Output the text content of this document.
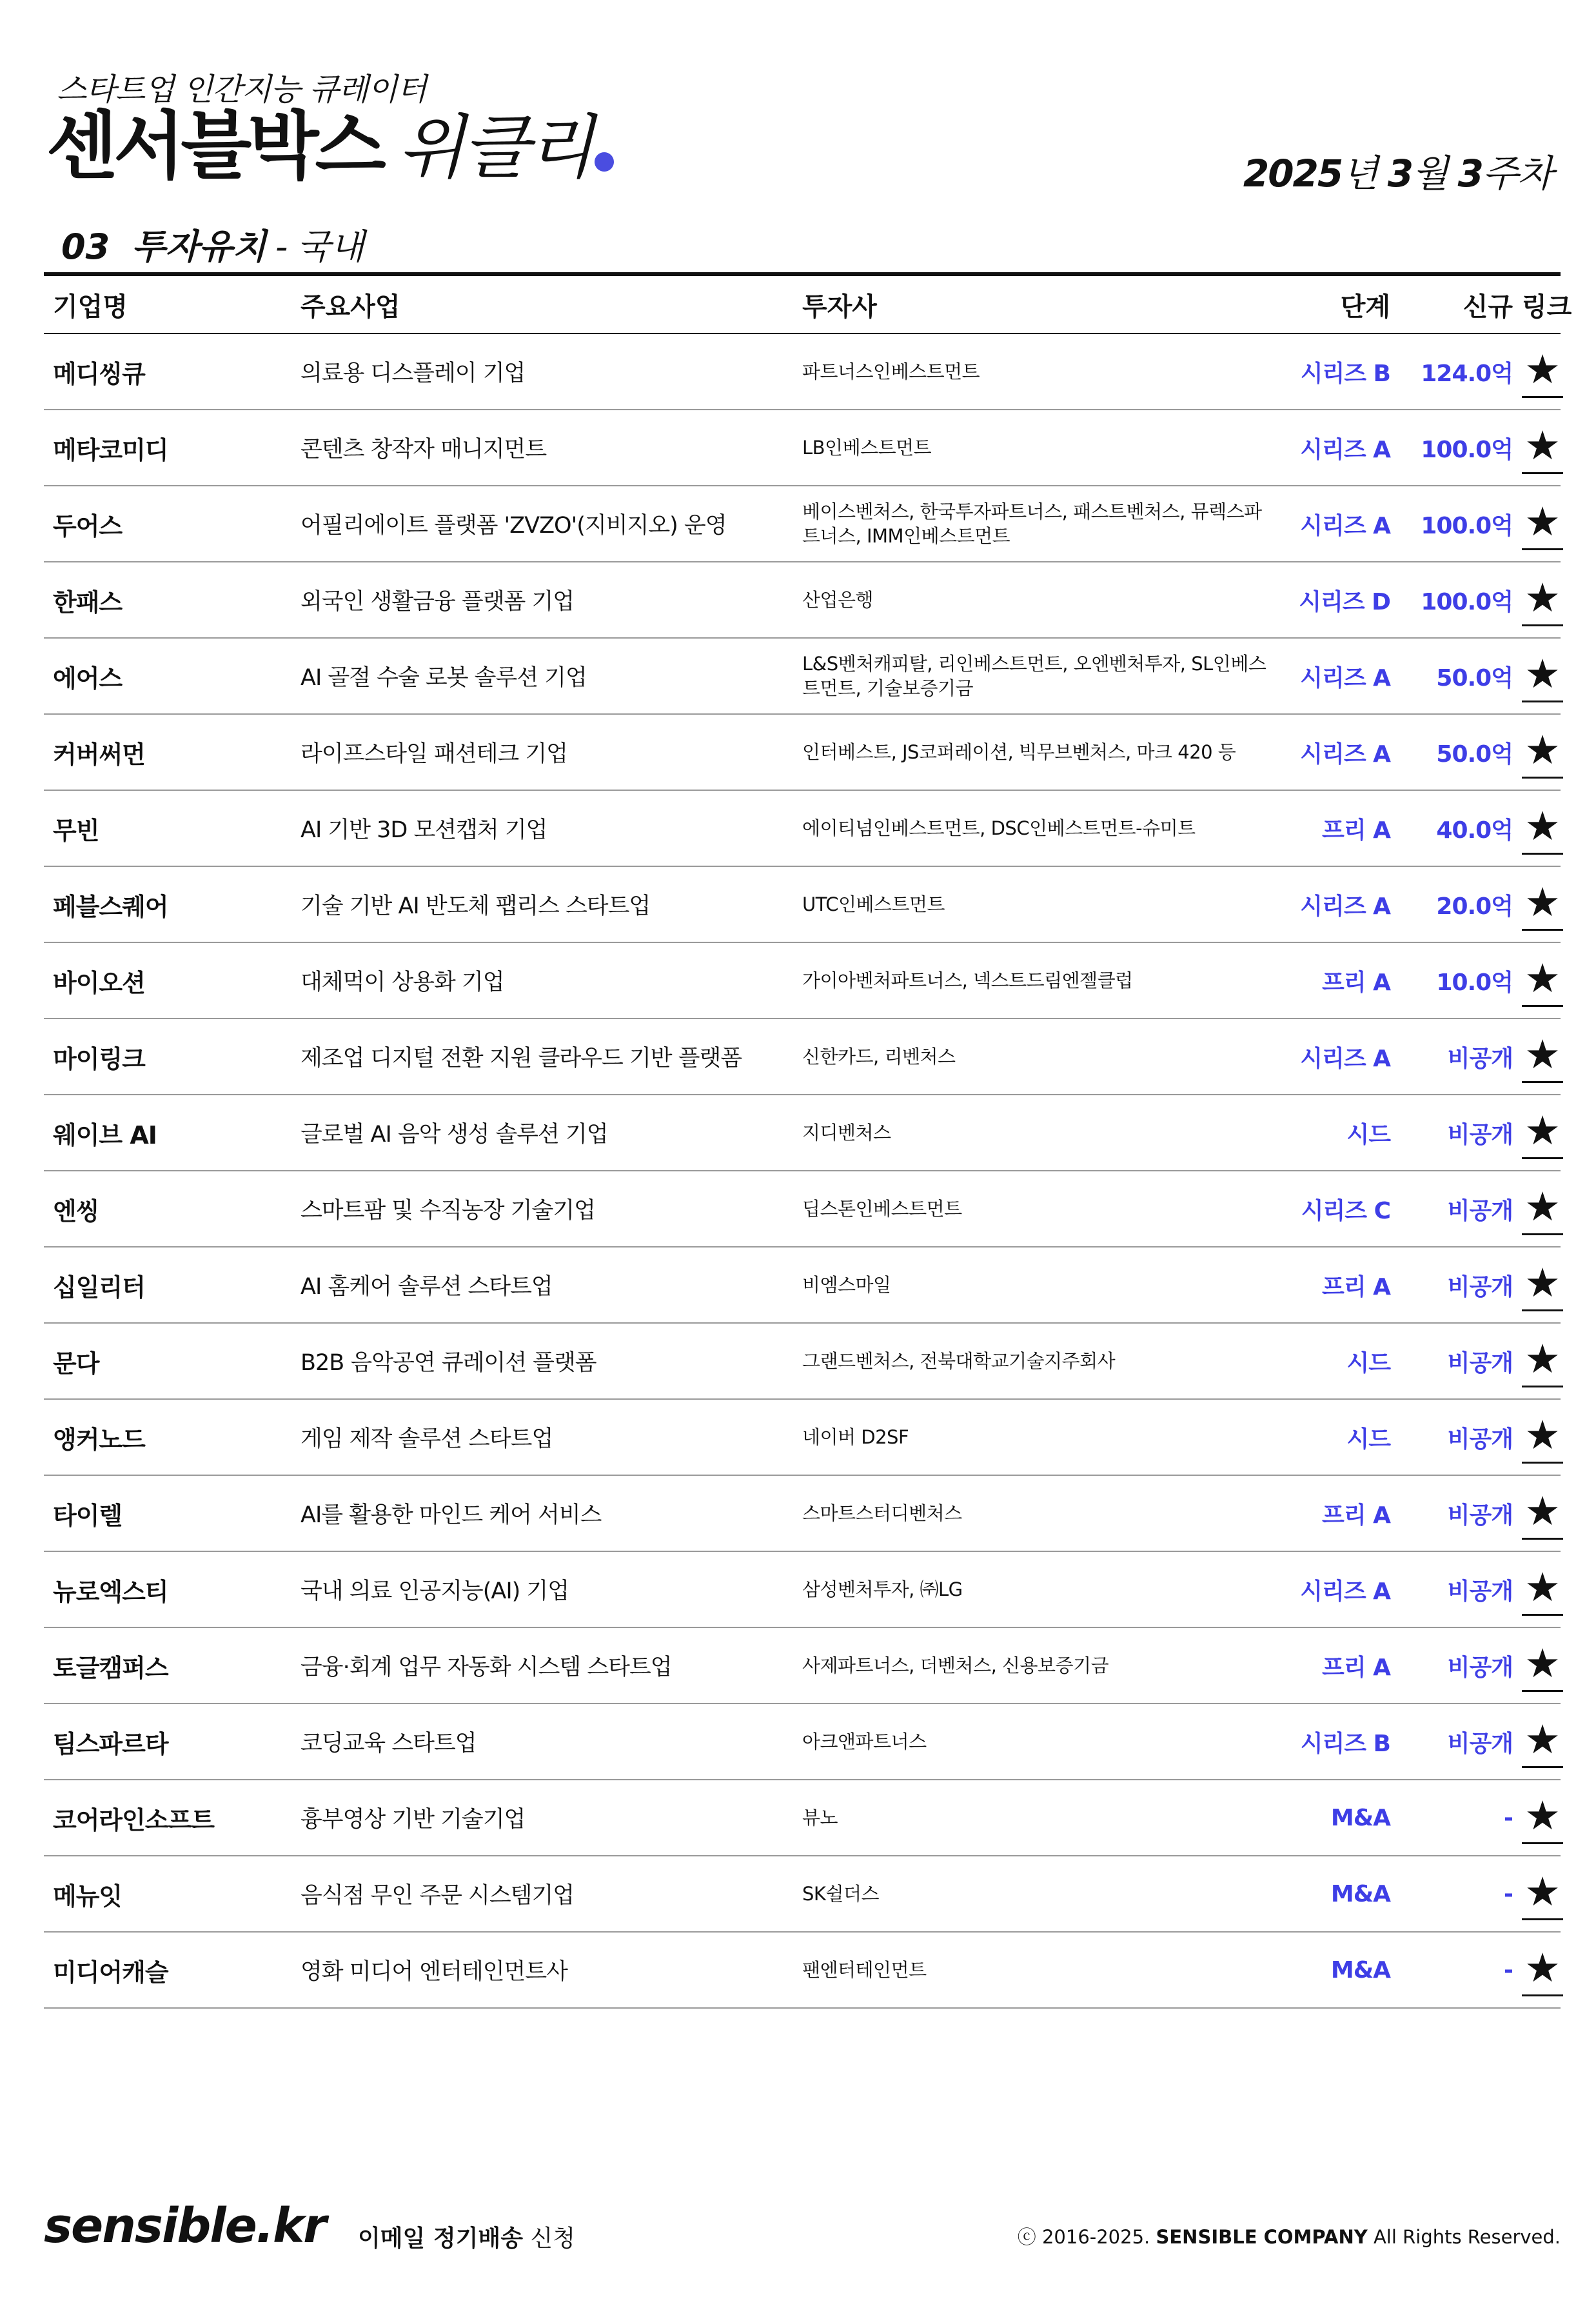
스타트업 인간지능 큐레이터
센서블박스 위클리	2025년 3월 3주차
03 투자유치 - 국내
기업명	주요사업	투자사	단계	신규	링크
메디씽큐	의료용 디스플레이 기업	파트너스인베스트먼트	시리즈 B	124.0억	★
메타코미디	콘텐츠 창작자 매니지먼트	LB인베스트먼트	시리즈 A	100.0억	★
두어스	어필리에이트 플랫폼 'ZVZO'(지비지오) 운영	베이스벤처스, 한국투자파트너스, 패스트벤처스, 뮤렉스파트너스, IMM인베스트먼트	시리즈 A	100.0억	★
한패스	외국인 생활금융 플랫폼 기업	산업은행	시리즈 D	100.0억	★
에어스	AI 골절 수술 로봇 솔루션 기업	L&S벤처캐피탈, 리인베스트먼트, 오엔벤처투자, SL인베스트먼트, 기술보증기금	시리즈 A	50.0억	★
커버써먼	라이프스타일 패션테크 기업	인터베스트, JS코퍼레이션, 빅무브벤처스, 마크 420 등	시리즈 A	50.0억	★
무빈	AI 기반 3D 모션캡처 기업	에이티넘인베스트먼트, DSC인베스트먼트-슈미트	프리 A	40.0억	★
페블스퀘어	기술 기반 AI 반도체 팹리스 스타트업	UTC인베스트먼트	시리즈 A	20.0억	★
바이오션	대체먹이 상용화 기업	가이아벤처파트너스, 넥스트드림엔젤클럽	프리 A	10.0억	★
마이링크	제조업 디지털 전환 지원 클라우드 기반 플랫폼	신한카드, 리벤처스	시리즈 A	비공개	★
웨이브 AI	글로벌 AI 음악 생성 솔루션 기업	지디벤처스	시드	비공개	★
엔씽	스마트팜 및 수직농장 기술기업	딥스톤인베스트먼트	시리즈 C	비공개	★
십일리터	AI 홈케어 솔루션 스타트업	비엠스마일	프리 A	비공개	★
문다	B2B 음악공연 큐레이션 플랫폼	그랜드벤처스, 전북대학교기술지주회사	시드	비공개	★
앵커노드	게임 제작 솔루션 스타트업	네이버 D2SF	시드	비공개	★
타이렐	AI를 활용한 마인드 케어 서비스	스마트스터디벤처스	프리 A	비공개	★
뉴로엑스티	국내 의료 인공지능(AI) 기업	삼성벤처투자, ㈜LG	시리즈 A	비공개	★
토글캠퍼스	금융·회계 업무 자동화 시스템 스타트업	사제파트너스, 더벤처스, 신용보증기금	프리 A	비공개	★
팀스파르타	코딩교육 스타트업	아크앤파트너스	시리즈 B	비공개	★
코어라인소프트	흉부영상 기반 기술기업	뷰노	M&A	-	★
메뉴잇	음식점 무인 주문 시스템기업	SK쉴더스	M&A	-	★
미디어캐슬	영화 미디어 엔터테인먼트사	팬엔터테인먼트	M&A	-	★
sensible.kr 이메일 정기배송 신청	ⓒ 2016-2025. SENSIBLE COMPANY All Rights Reserved.
